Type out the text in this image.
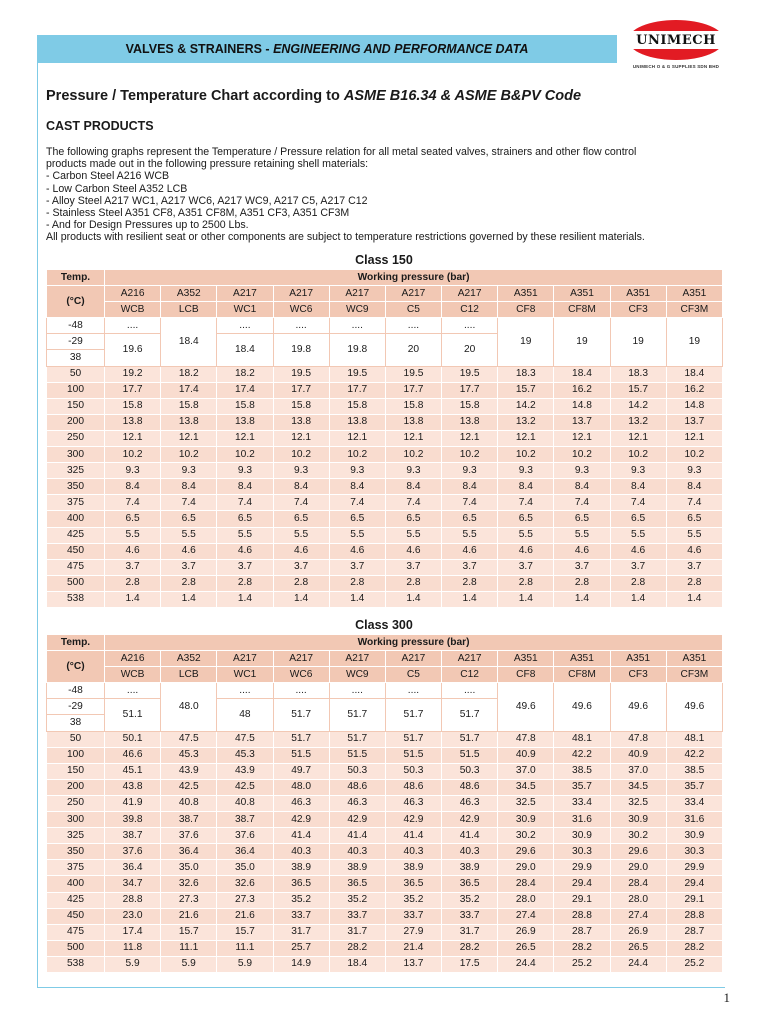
VALVES & STRAINERS - ENGINEERING AND PERFORMANCE DATA
UNIMECH
UNIMECH O & G SUPPLIES SDN BHD
Pressure / Temperature Chart according to ASME B16.34 & ASME B&PV Code
CAST PRODUCTS
The following graphs represent the Temperature / Pressure relation for all metal seated valves, strainers and other flow control
products made out in the following pressure retaining shell materials:
- Carbon Steel A216 WCB
- Low Carbon Steel A352 LCB
- Alloy Steel A217 WC1, A217 WC6, A217 WC9, A217 C5, A217 C12
- Stainless Steel A351 CF8, A351 CF8M, A351 CF3, A351 CF3M
- And for Design Pressures up to 2500 Lbs.
All products with resilient seat or other components are subject to temperature restrictions governed by these resilient materials.
Class 150
Temp.	Working pressure (bar)										
(°C)	A216	A352	A217	A217	A217	A217	A217	A351	A351	A351	A351
	WCB	LCB	WC1	WC6	WC9	C5	C12	CF8	CF8M	CF3	CF3M
-48	....	18.4	....	....	....	....	....	19	19	19	19
-29	19.6		18.4	19.8	19.8	20	20				
38											
50	19.2	18.2	18.2	19.5	19.5	19.5	19.5	18.3	18.4	18.3	18.4
100	17.7	17.4	17.4	17.7	17.7	17.7	17.7	15.7	16.2	15.7	16.2
150	15.8	15.8	15.8	15.8	15.8	15.8	15.8	14.2	14.8	14.2	14.8
200	13.8	13.8	13.8	13.8	13.8	13.8	13.8	13.2	13.7	13.2	13.7
250	12.1	12.1	12.1	12.1	12.1	12.1	12.1	12.1	12.1	12.1	12.1
300	10.2	10.2	10.2	10.2	10.2	10.2	10.2	10.2	10.2	10.2	10.2
325	9.3	9.3	9.3	9.3	9.3	9.3	9.3	9.3	9.3	9.3	9.3
350	8.4	8.4	8.4	8.4	8.4	8.4	8.4	8.4	8.4	8.4	8.4
375	7.4	7.4	7.4	7.4	7.4	7.4	7.4	7.4	7.4	7.4	7.4
400	6.5	6.5	6.5	6.5	6.5	6.5	6.5	6.5	6.5	6.5	6.5
425	5.5	5.5	5.5	5.5	5.5	5.5	5.5	5.5	5.5	5.5	5.5
450	4.6	4.6	4.6	4.6	4.6	4.6	4.6	4.6	4.6	4.6	4.6
475	3.7	3.7	3.7	3.7	3.7	3.7	3.7	3.7	3.7	3.7	3.7
500	2.8	2.8	2.8	2.8	2.8	2.8	2.8	2.8	2.8	2.8	2.8
538	1.4	1.4	1.4	1.4	1.4	1.4	1.4	1.4	1.4	1.4	1.4
Class 300
Temp.	Working pressure (bar)										
(°C)	A216	A352	A217	A217	A217	A217	A217	A351	A351	A351	A351
	WCB	LCB	WC1	WC6	WC9	C5	C12	CF8	CF8M	CF3	CF3M
-48	....	48.0	....	....	....	....	....	49.6	49.6	49.6	49.6
-29	51.1		48	51.7	51.7	51.7	51.7				
38											
50	50.1	47.5	47.5	51.7	51.7	51.7	51.7	47.8	48.1	47.8	48.1
100	46.6	45.3	45.3	51.5	51.5	51.5	51.5	40.9	42.2	40.9	42.2
150	45.1	43.9	43.9	49.7	50.3	50.3	50.3	37.0	38.5	37.0	38.5
200	43.8	42.5	42.5	48.0	48.6	48.6	48.6	34.5	35.7	34.5	35.7
250	41.9	40.8	40.8	46.3	46.3	46.3	46.3	32.5	33.4	32.5	33.4
300	39.8	38.7	38.7	42.9	42.9	42.9	42.9	30.9	31.6	30.9	31.6
325	38.7	37.6	37.6	41.4	41.4	41.4	41.4	30.2	30.9	30.2	30.9
350	37.6	36.4	36.4	40.3	40.3	40.3	40.3	29.6	30.3	29.6	30.3
375	36.4	35.0	35.0	38.9	38.9	38.9	38.9	29.0	29.9	29.0	29.9
400	34.7	32.6	32.6	36.5	36.5	36.5	36.5	28.4	29.4	28.4	29.4
425	28.8	27.3	27.3	35.2	35.2	35.2	35.2	28.0	29.1	28.0	29.1
450	23.0	21.6	21.6	33.7	33.7	33.7	33.7	27.4	28.8	27.4	28.8
475	17.4	15.7	15.7	31.7	31.7	27.9	31.7	26.9	28.7	26.9	28.7
500	11.8	11.1	11.1	25.7	28.2	21.4	28.2	26.5	28.2	26.5	28.2
538	5.9	5.9	5.9	14.9	18.4	13.7	17.5	24.4	25.2	24.4	25.2
1
